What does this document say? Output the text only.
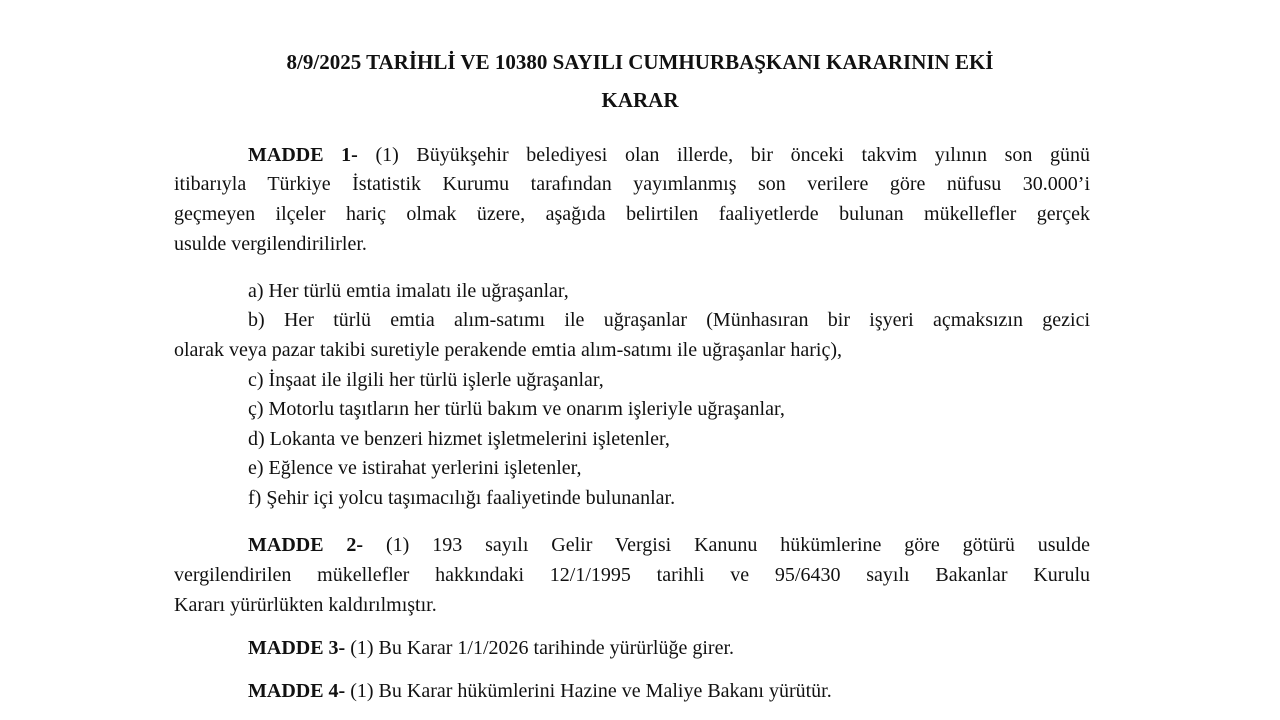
8/9/2025 TARİHLİ VE 10380 SAYILI CUMHURBAŞKANI KARARININ EKİ
KARAR
MADDE 1- (1) Büyükşehir belediyesi olan illerde, bir önceki takvim yılının son günü
itibarıyla Türkiye İstatistik Kurumu tarafından yayımlanmış son verilere göre nüfusu 30.000’i
geçmeyen ilçeler hariç olmak üzere, aşağıda belirtilen faaliyetlerde bulunan mükellefler gerçek
usulde vergilendirilirler.
a) Her türlü emtia imalatı ile uğraşanlar,
b) Her türlü emtia alım-satımı ile uğraşanlar (Münhasıran bir işyeri açmaksızın gezici
olarak veya pazar takibi suretiyle perakende emtia alım-satımı ile uğraşanlar hariç),
c) İnşaat ile ilgili her türlü işlerle uğraşanlar,
ç) Motorlu taşıtların her türlü bakım ve onarım işleriyle uğraşanlar,
d) Lokanta ve benzeri hizmet işletmelerini işletenler,
e) Eğlence ve istirahat yerlerini işletenler,
f) Şehir içi yolcu taşımacılığı faaliyetinde bulunanlar.
MADDE 2- (1) 193 sayılı Gelir Vergisi Kanunu hükümlerine göre götürü usulde
vergilendirilen mükellefler hakkındaki 12/1/1995 tarihli ve 95/6430 sayılı Bakanlar Kurulu
Kararı yürürlükten kaldırılmıştır.
MADDE 3- (1) Bu Karar 1/1/2026 tarihinde yürürlüğe girer.
MADDE 4- (1) Bu Karar hükümlerini Hazine ve Maliye Bakanı yürütür.
